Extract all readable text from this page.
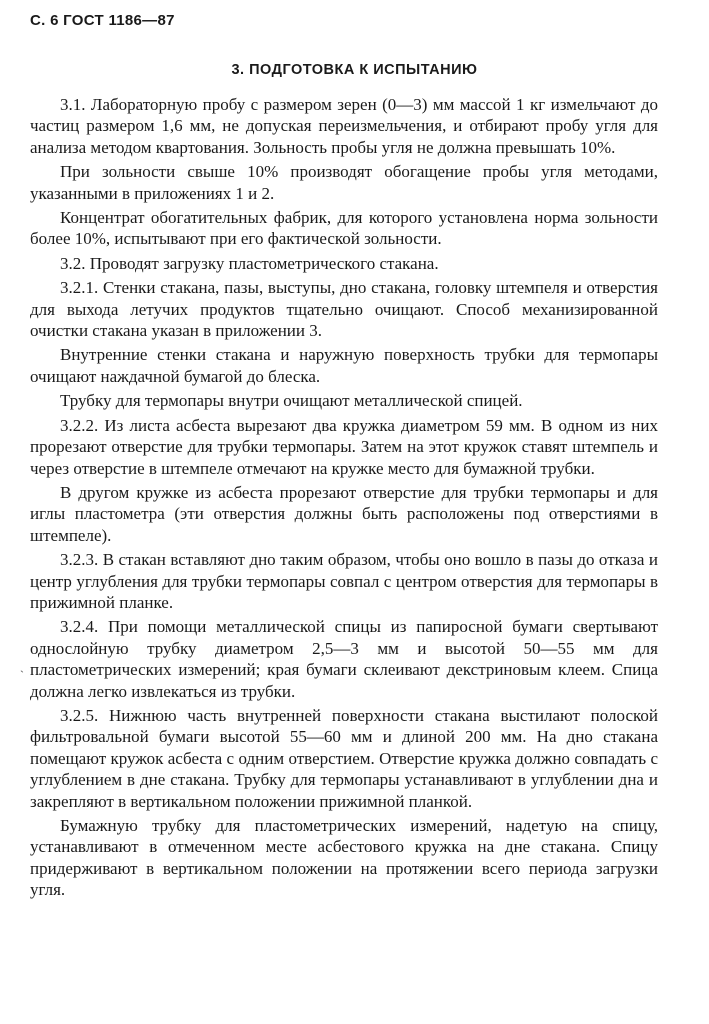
С. 6 ГОСТ 1186—87
3. ПОДГОТОВКА К ИСПЫТАНИЮ

3.1. Лабораторную пробу с размером зерен (0—3) мм массой 1 кг измельчают до частиц размером 1,6 мм, не допуская переизмельчения, и отбирают пробу угля для анализа методом квартования. Зольность пробы угля не должна превышать 10%.

При зольности свыше 10% производят обогащение пробы угля методами, указанными в приложениях 1 и 2.

Концентрат обогатительных фабрик, для которого установлена норма зольности более 10%, испытывают при его фактической зольности.

3.2. Проводят загрузку пластометрического стакана.

3.2.1. Стенки стакана, пазы, выступы, дно стакана, головку штемпеля и отверстия для выхода летучих продуктов тщательно очищают. Способ механизированной очистки стакана указан в приложении 3.

Внутренние стенки стакана и наружную поверхность трубки для термопары очищают наждачной бумагой до блеска.

Трубку для термопары внутри очищают металлической спицей.

3.2.2. Из листа асбеста вырезают два кружка диаметром 59 мм. В одном из них прорезают отверстие для трубки термопары. Затем на этот кружок ставят штемпель и через отверстие в штемпеле отмечают на кружке место для бумажной трубки.

В другом кружке из асбеста прорезают отверстие для трубки термопары и для иглы пластометра (эти отверстия должны быть расположены под отверстиями в штемпеле).

3.2.3. В стакан вставляют дно таким образом, чтобы оно вошло в пазы до отказа и центр углубления для трубки термопары совпал с центром отверстия для термопары в прижимной планке.

3.2.4. При помощи металлической спицы из папиросной бумаги свертывают однослойную трубку диаметром 2,5—3 мм и высотой 50—55 мм для пластометрических измерений; края бумаги склеивают декстриновым клеем. Спица должна легко извлекаться из трубки.

3.2.5. Нижнюю часть внутренней поверхности стакана выстилают полоской фильтровальной бумаги высотой 55—60 мм и длиной 200 мм. На дно стакана помещают кружок асбеста с одним отверстием. Отверстие кружка должно совпадать с углублением в дне стакана. Трубку для термопары устанавливают в углублении дна и закрепляют в вертикальном положении прижимной планкой.

Бумажную трубку для пластометрических измерений, надетую на спицу, устанавливают в отмеченном месте асбестового кружка на дне стакана. Спицу придерживают в вертикальном положении на протяжении всего периода загрузки угля.

ˎ
